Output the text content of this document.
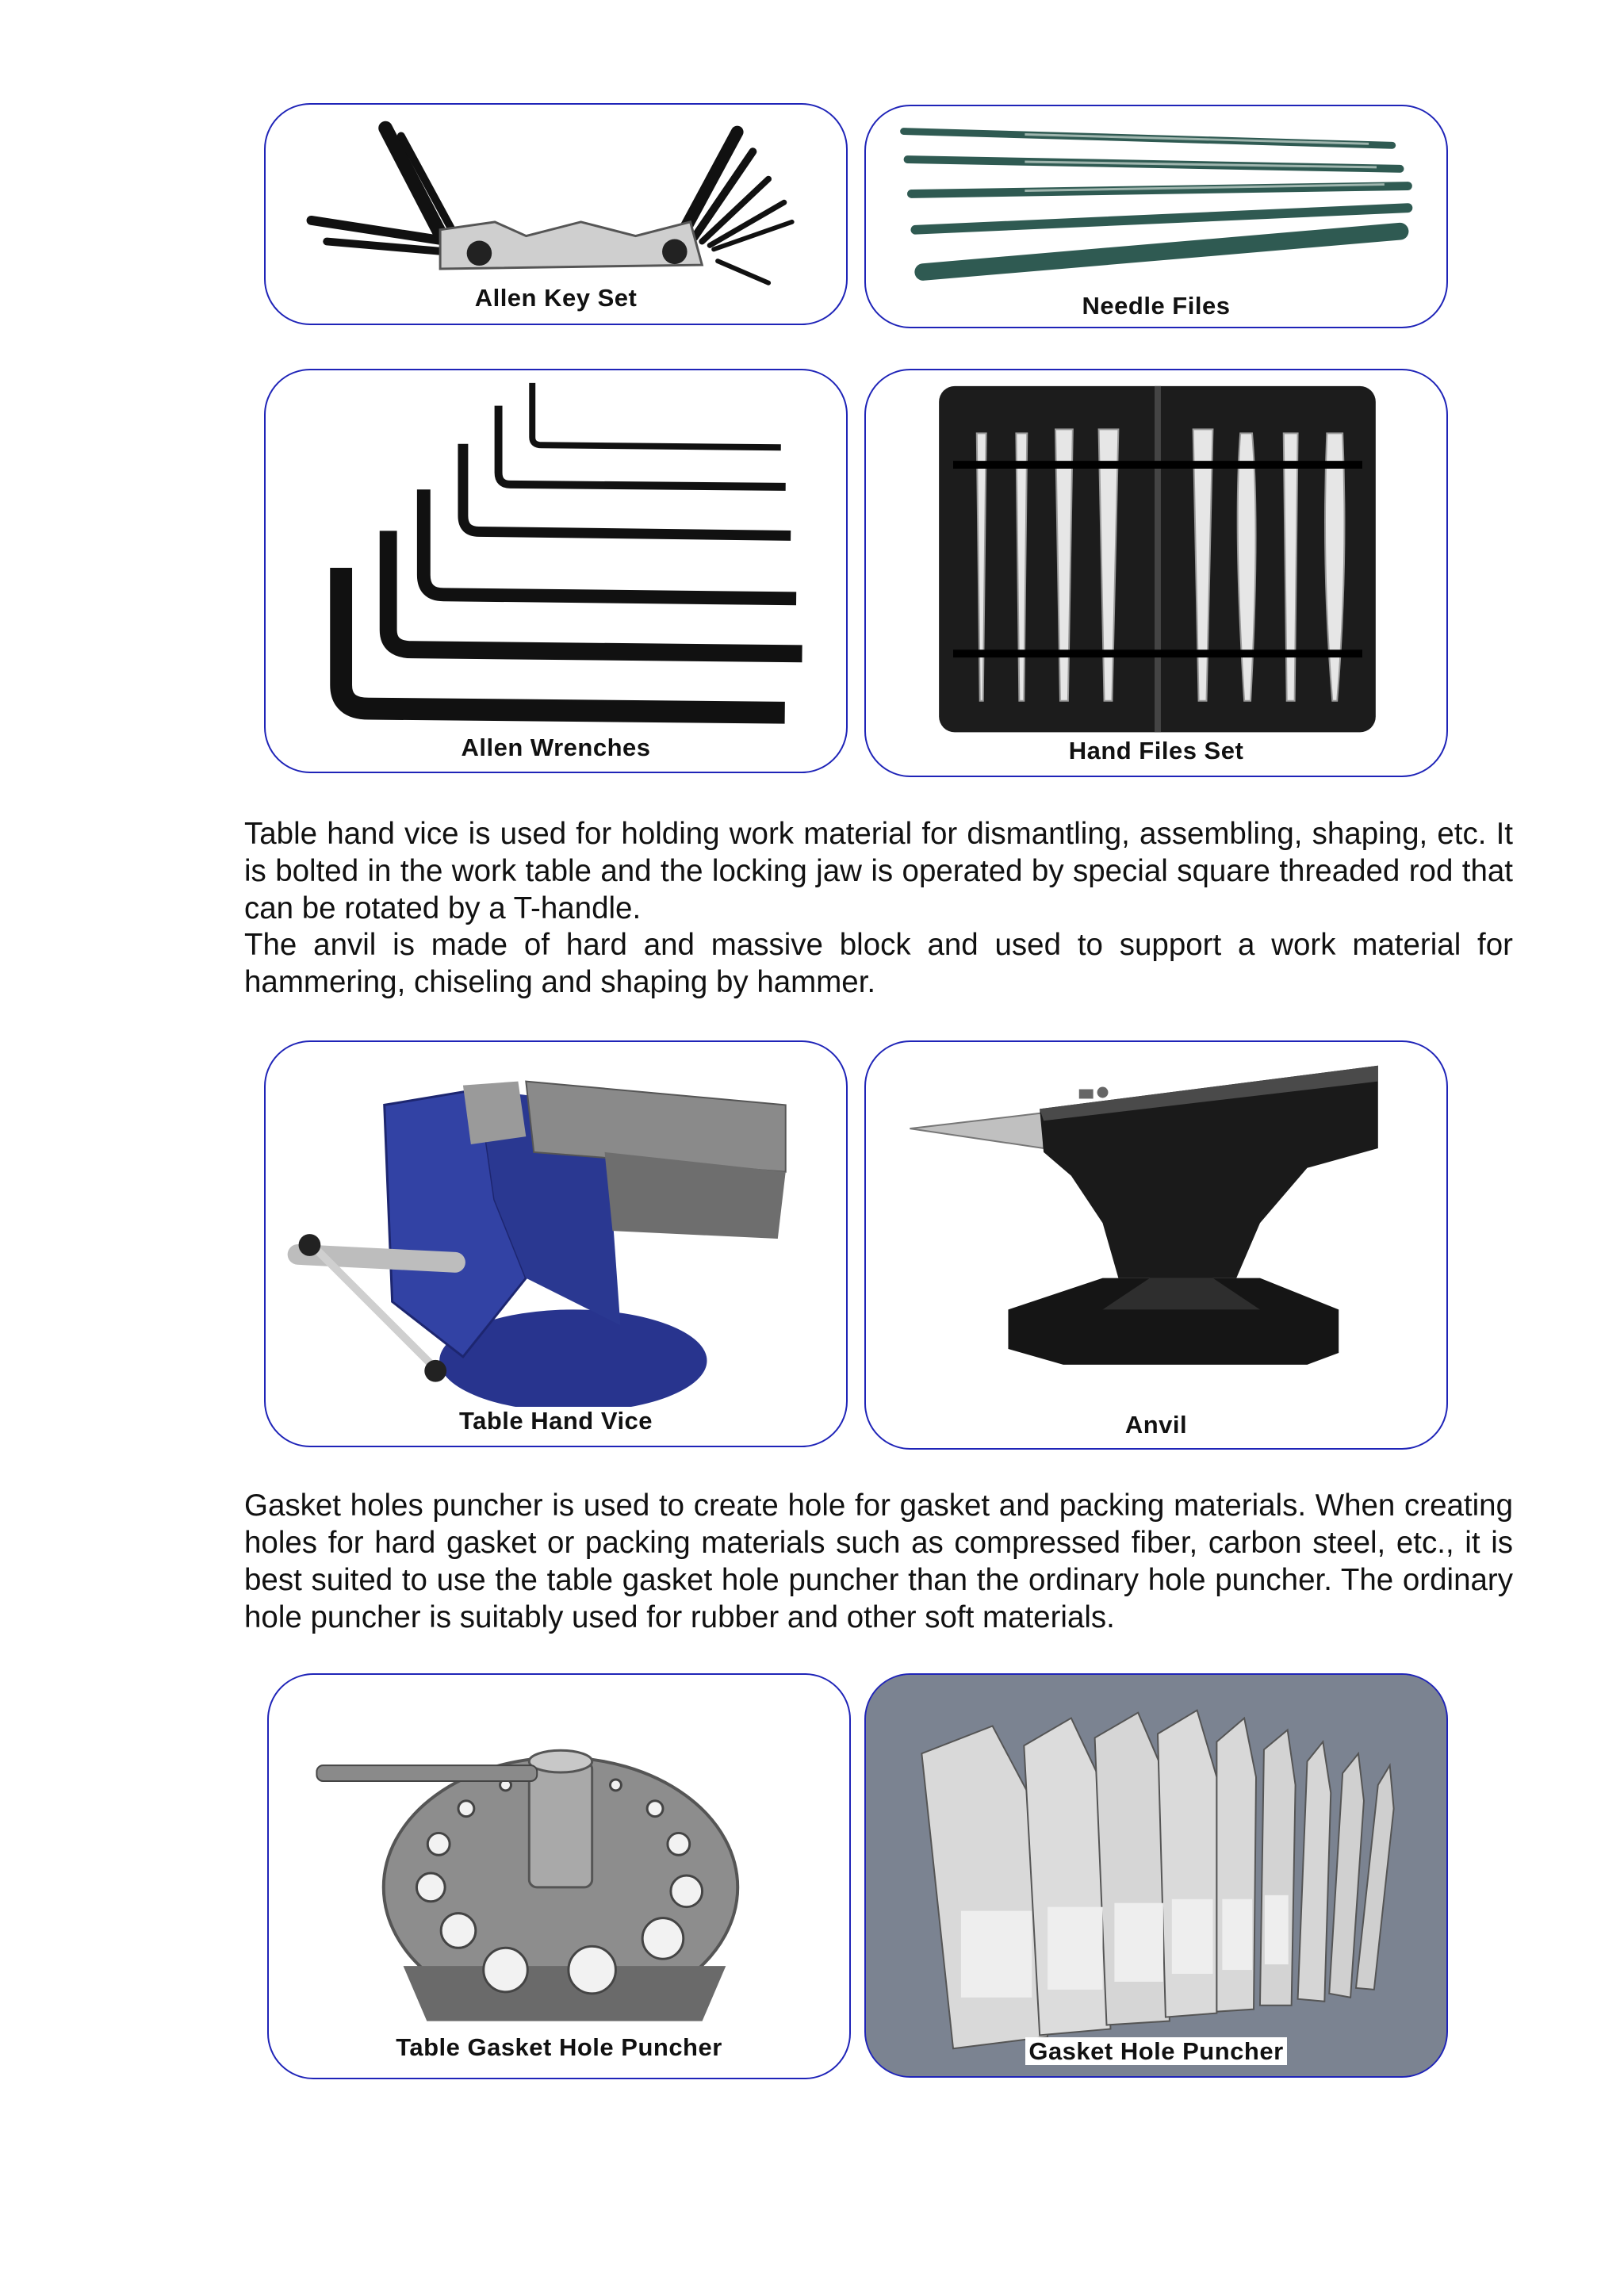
Allen Key Set	Needle Files
Allen Wrenches	Hand Files Set

Table hand vice is used for holding work material for dismantling, assembling, shaping, etc. It is bolted in the work table and the locking jaw is operated by special square threaded rod that can be rotated by a T-handle.

The anvil is made of hard and massive block and used to support a work material for hammering, chiseling and shaping by hammer.

Table Hand Vice	Anvil

Gasket holes puncher is used to create hole for gasket and packing materials. When creating holes for hard gasket or packing materials such as compressed fiber, carbon steel, etc., it is best suited to use the table gasket hole puncher than the ordinary hole puncher. The ordinary hole puncher is suitably used for rubber and other soft materials.

Table Gasket Hole Puncher	Gasket Hole Puncher
